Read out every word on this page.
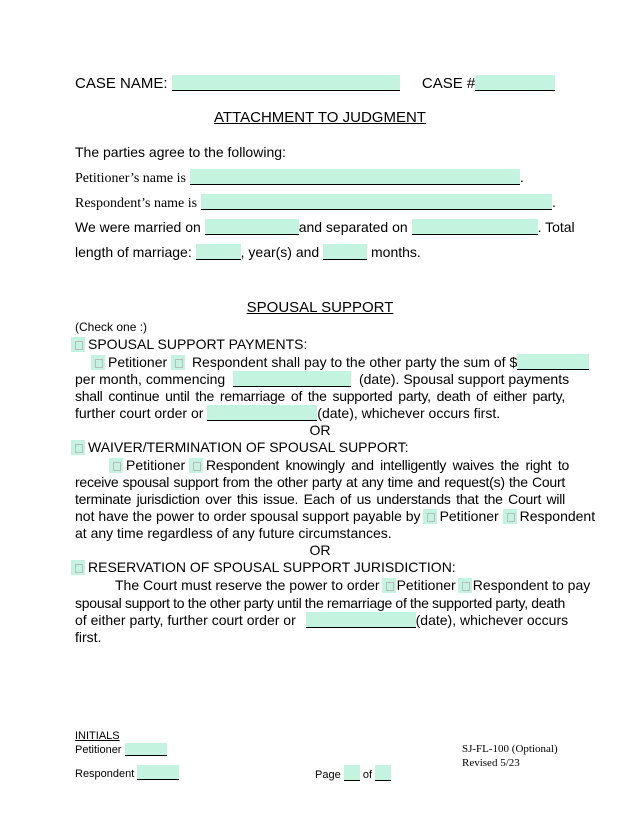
CASE NAME:	CASE #
ATTACHMENT TO JUDGMENT
The parties agree to the following:
Petitioner’s name is	.
Respondent’s name is	.
We were married on	and separated on	. Total
length of marriage:	, year(s) and	months.
SPOUSAL SUPPORT
(Check one :)
SPOUSAL SUPPORT PAYMENTS:
Petitioner Respondent shall pay to the other party the sum of $
per month, commencing	(date). Spousal support payments
shall continue until the remarriage of the supported party, death of either party,
further court order or	(date), whichever occurs first.
OR
WAIVER/TERMINATION OF SPOUSAL SUPPORT:
Petitioner Respondent knowingly and intelligently waives the right to
receive spousal support from the other party at any time and request(s) the Court
terminate jurisdiction over this issue. Each of us understands that the Court will
not have the power to order spousal support payable by Petitioner Respondent
at any time regardless of any future circumstances.
OR
RESERVATION OF SPOUSAL SUPPORT JURISDICTION:
The Court must reserve the power to order Petitioner Respondent to pay
spousal support to the other party until the remarriage of the supported party, death
of either party, further court order or	(date), whichever occurs
first.
INITIALS
Petitioner
Respondent	Page of
SJ-FL-100 (Optional)
Revised 5/23
